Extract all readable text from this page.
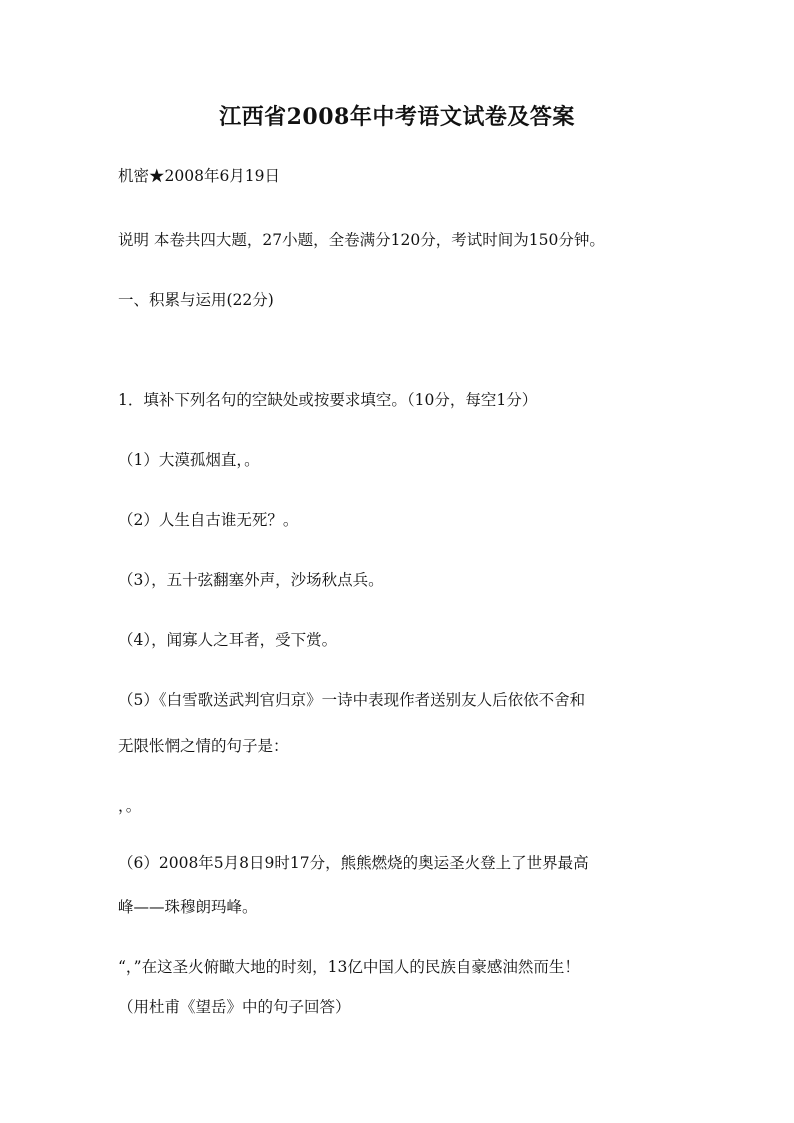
江西省2008年中考语文试卷及答案
机密★2008年6月19日
说明 本卷共四大题，27小题，全卷满分120分，考试时间为150分钟。
一、积累与运用(22分)
1．填补下列名句的空缺处或按要求填空。（10分，每空1分）
（1）大漠孤烟直，。
（2）人生自古谁无死？。
（3），五十弦翻塞外声，沙场秋点兵。
（4），闻寡人之耳者，受下赏。
（5）《白雪歌送武判官归京》一诗中表现作者送别友人后依依不舍和
无限怅惘之情的句子是：
，。
（6）2008年5月8日9时17分，熊熊燃烧的奥运圣火登上了世界最高
峰——珠穆朗玛峰。
“，”在这圣火俯瞰大地的时刻，13亿中国人的民族自豪感油然而生！
（用杜甫《望岳》中的句子回答）
